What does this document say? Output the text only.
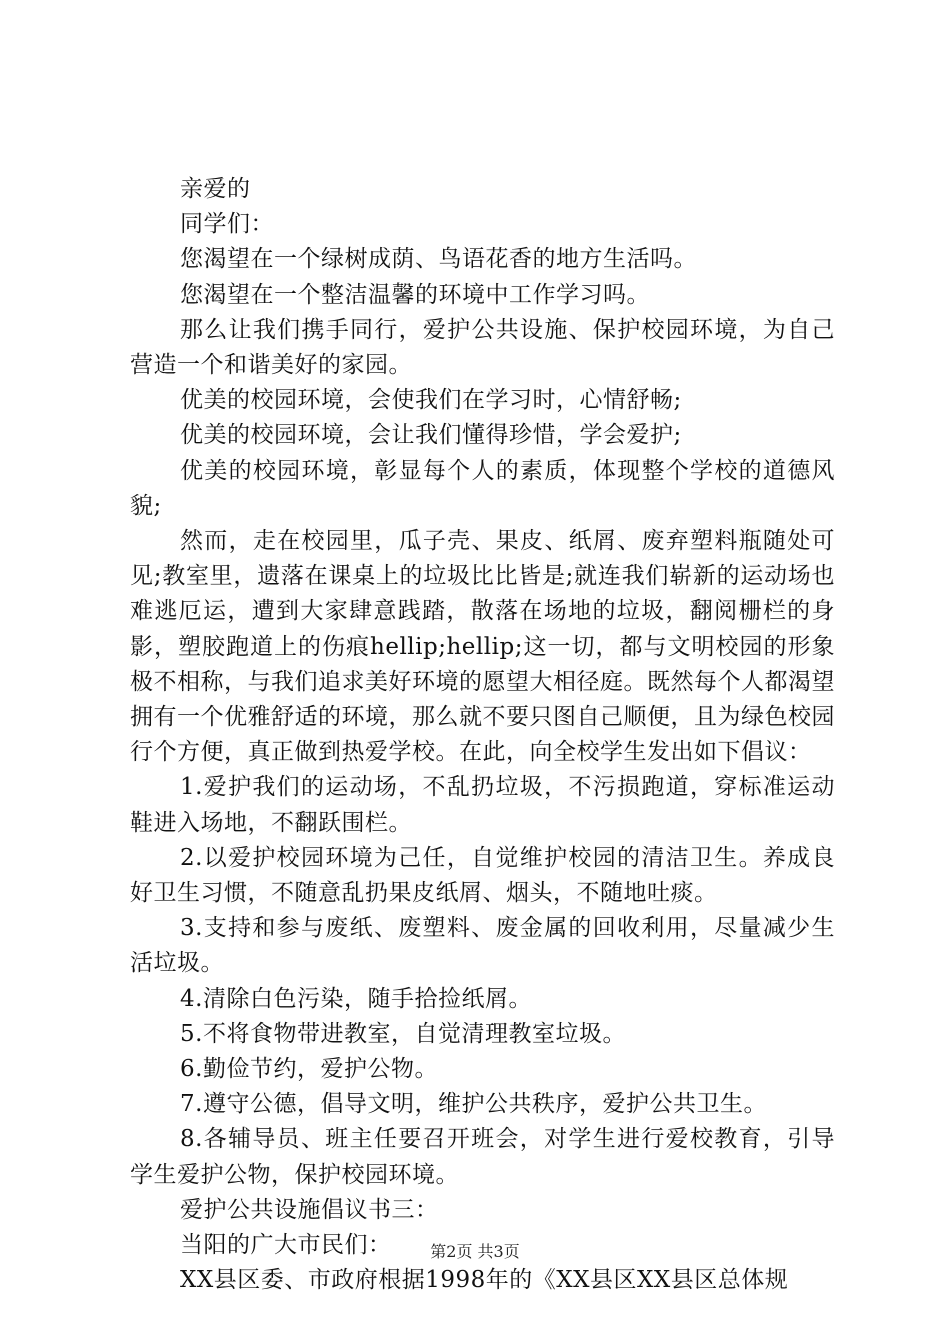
亲爱的

同学们：

您渴望在一个绿树成荫、鸟语花香的地方生活吗。

您渴望在一个整洁温馨的环境中工作学习吗。

那么让我们携手同行，爱护公共设施、保护校园环境，为自己营造一个和谐美好的家园。

优美的校园环境，会使我们在学习时，心情舒畅;

优美的校园环境，会让我们懂得珍惜，学会爱护;

优美的校园环境，彰显每个人的素质，体现整个学校的道德风貌;

然而，走在校园里，瓜子壳、果皮、纸屑、废弃塑料瓶随处可见;教室里，遗落在课桌上的垃圾比比皆是;就连我们崭新的运动场也难逃厄运，遭到大家肆意践踏，散落在场地的垃圾，翻阅栅栏的身影，塑胶跑道上的伤痕hellip;hellip;这一切，都与文明校园的形象极不相称，与我们追求美好环境的愿望大相径庭。既然每个人都渴望拥有一个优雅舒适的环境，那么就不要只图自己顺便，且为绿色校园行个方便，真正做到热爱学校。在此，向全校学生发出如下倡议：

1.爱护我们的运动场，不乱扔垃圾，不污损跑道，穿标准运动鞋进入场地，不翻跃围栏。

2.以爱护校园环境为己任，自觉维护校园的清洁卫生。养成良好卫生习惯，不随意乱扔果皮纸屑、烟头，不随地吐痰。

3.支持和参与废纸、废塑料、废金属的回收利用，尽量减少生活垃圾。

4.清除白色污染，随手拾捡纸屑。

5.不将食物带进教室，自觉清理教室垃圾。

6.勤俭节约，爱护公物。

7.遵守公德，倡导文明，维护公共秩序，爱护公共卫生。

8.各辅导员、班主任要召开班会，对学生进行爱校教育，引导学生爱护公物，保护校园环境。

爱护公共设施倡议书三：

当阳的广大市民们：

XX县区委、市政府根据1998年的《XX县区XX县区总体规

第2页 共3页
